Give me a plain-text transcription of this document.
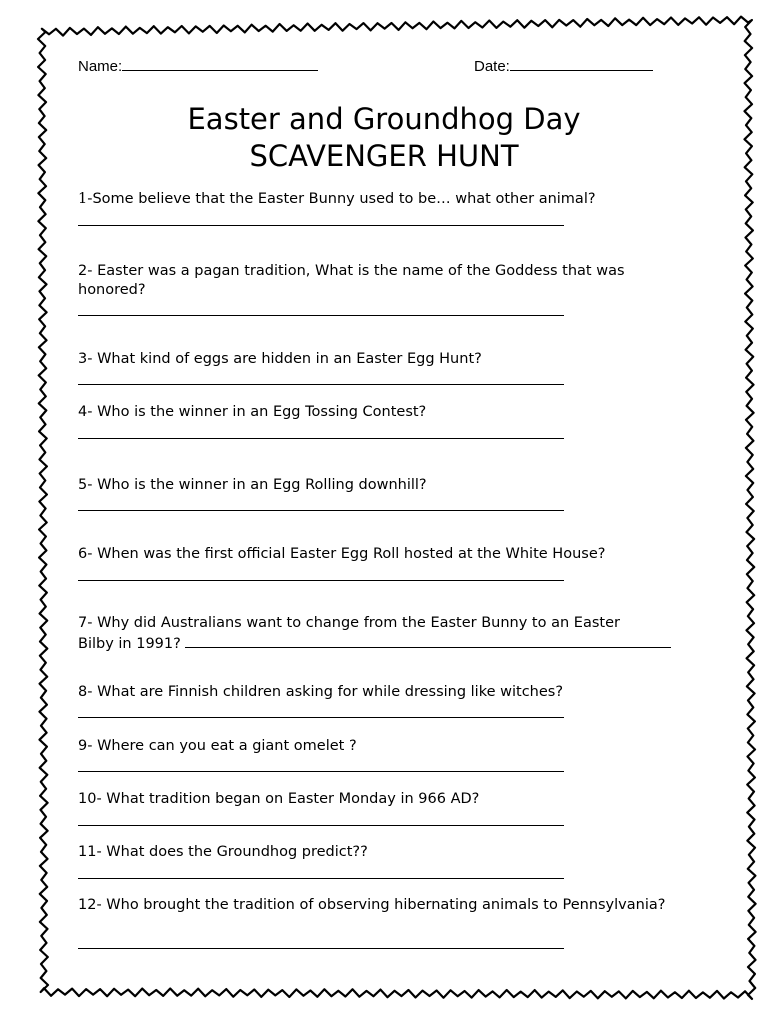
Name:	Date:
Easter and Groundhog Day
SCAVENGER HUNT
1-Some believe that the Easter Bunny used to be… what other animal?
2- Easter was a pagan tradition, What is the name of the Goddess that was honored?
3- What kind of eggs are hidden in an Easter Egg Hunt?
4- Who is the winner in an Egg Tossing Contest?
5- Who is the winner in an Egg Rolling downhill?
6- When was the first official Easter Egg Roll hosted at the White House?
7- Why did Australians want to change from the Easter Bunny to an Easter
Bilby in 1991?
8- What are Finnish children asking for while dressing like witches?
9- Where can you eat a giant omelet ?
10- What tradition began on Easter Monday in 966 AD?
11- What does the Groundhog predict??
12- Who brought the tradition of observing hibernating animals to Pennsylvania?
